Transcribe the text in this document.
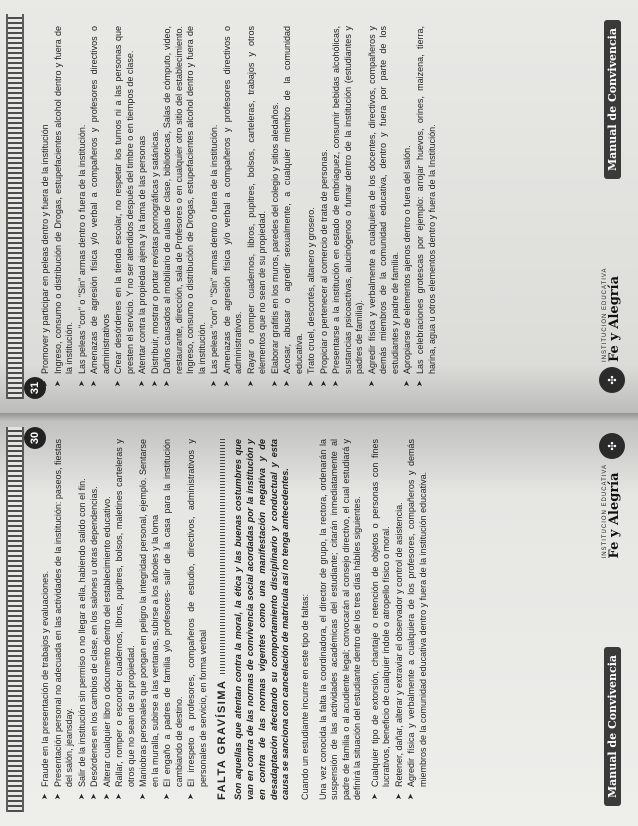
30
➤
Fraude en la presentación de trabajos y evaluaciones.
➤
Presentación personal no adecuada en las actividades de la institución: paseos, fiestas del salón, jeansday.
➤
Salir de la institución sin permiso o no llegar a ella, habiendo salido con el fin.
➤
Desórdenes en los cambios de clase, en los salones u otras dependencias.
➤
Alterar cualquier libro o documento dentro del establecimiento educativo.
➤
Rallar, romper o esconder cuadernos, libros, pupitres, bolsos, maletines carteleras y otros que no sean de su propiedad.
➤
Maniobras personales que pongan en peligro la integridad personal, ejemplo. Sentarse en la muralla, subirse a las ventanas, subirse a los árboles y la loma
➤
El engaño a padres de familia y/o profesores- salir de la casa para la institución cambiando de destino.
➤
El irrespeto a profesores, compañeros de estudio, directivos, administrativos y personales de servicio, en forma verbal FALTA GRAVÍSIMA Son aquellas que atentan contra la moral, la ética y las buenas costumbres que van en contra de las normas de convivencia social acordadas por la institución y en contra de las normas vigentes como una manifestación negativa y de desadaptación afectando su comportamiento disciplinario y conductual y esta causa se sanciona con cancelación de matricula así no tenga antecedentes. Cuando un estudiante incurre en este tipo de faltas: Una vez conocida la falta la coordinadora, el director de grupo, la rectora, ordenarán la suspensión de las actividades académicas del estudiante; citarán inmediatamente al padre de familia o al acudiente legal; convocarán al consejo directivo, el cual estudiará y definirá la situación del estudiante dentro de los tres días hábiles siguientes. ➤
Cualquier tipo de extorsión, chantaje o retención de objetos o personas con fines lucrativos, beneficio de cualquier índole o atropello físico o moral.
➤
Retener, dañar, alterar y extraviar el observador y control de asistencia.
➤
Agredir física y verbalmente a cualquiera de los profesores, compañeros y demás miembros de la comunidad educativa dentro y fuera de la institución educativa.	Manual de Convivencia
INSTITUCION EDUCATIVA Fe y Alegría
✣
31 ➤
Promover y participar en peleas dentro y fuera de la institución
➤
Ingreso, consumo o distribución de Drogas, estupefacientes alcohol dentro y fuera de la institución.
➤
Las peleas "con" o "Sin" armas dentro o fuera de la institución.
➤
Amenazas de agresión física y/o verbal a compañeros y profesores directivos o administrativos
➤
Crear desórdenes en la tienda escolar, no respetar los turnos ni a las personas que presten el servicio. Y no ser atendidos después del timbre o en tiempos de clase.
➤
Atentar contra la propiedad ajena y la fama de las personas
➤
Distribuir, mostrar o portar revistas pornográficas y satánicas.
➤
Daños causados al mobiliario de aulas de clase, bibliotecas, Salas de cómputo, video, restaurante, dirección, sala de Profesores o en cualquier otro sitio del establecimiento. Ingreso, consumo o distribución de Drogas, estupefacientes alcohol dentro y fuera de la institución.
➤
Las peleas "con" o "Sin" armas dentro o fuera de la institución.
➤
Amenazas de agresión física y/o verbal a compañeros y profesores directivos o administrativos.
➤
Rayar o romper cuadernos, libros, pupitres, bolsos, carteleras, trabajos y otros elementos que no sean de su propiedad.
➤
Elaborar grafitis en los muros, paredes del colegio y sitios aledaños.
➤
Acosar, abusar o agredir sexualmente, a cualquier miembro de la comunidad educativa.
➤
Trato cruel, descortés, altanero y grosero.
➤
Propiciar o pertenecer al comercio de trata de personas.
➤
Presentarse a la institución en estado de embriaguez, consumir bebidas alcohólicas, sustancias psicoactivas, alucinógenos o fumar dentro de la institución (estudiantes y padres de familia).
➤
Agredir física y verbalmente a cualquiera de los docentes, directivos, compañeros y demás miembros de la comunidad educativa, dentro y fuera por parte de los estudiantes y padre de familia.
➤
Apropiarse de elementos ajenos dentro o fuera del salón.
➤
Las celebraciones grotescas por ejemplo: arrojar huevos, orines, maizena, tierra, harina, agua u otros elementos dentro y fuera de la Institución.
✣
INSTITUCION EDUCATIVA Fe y Alegría
Manual de Convivencia
